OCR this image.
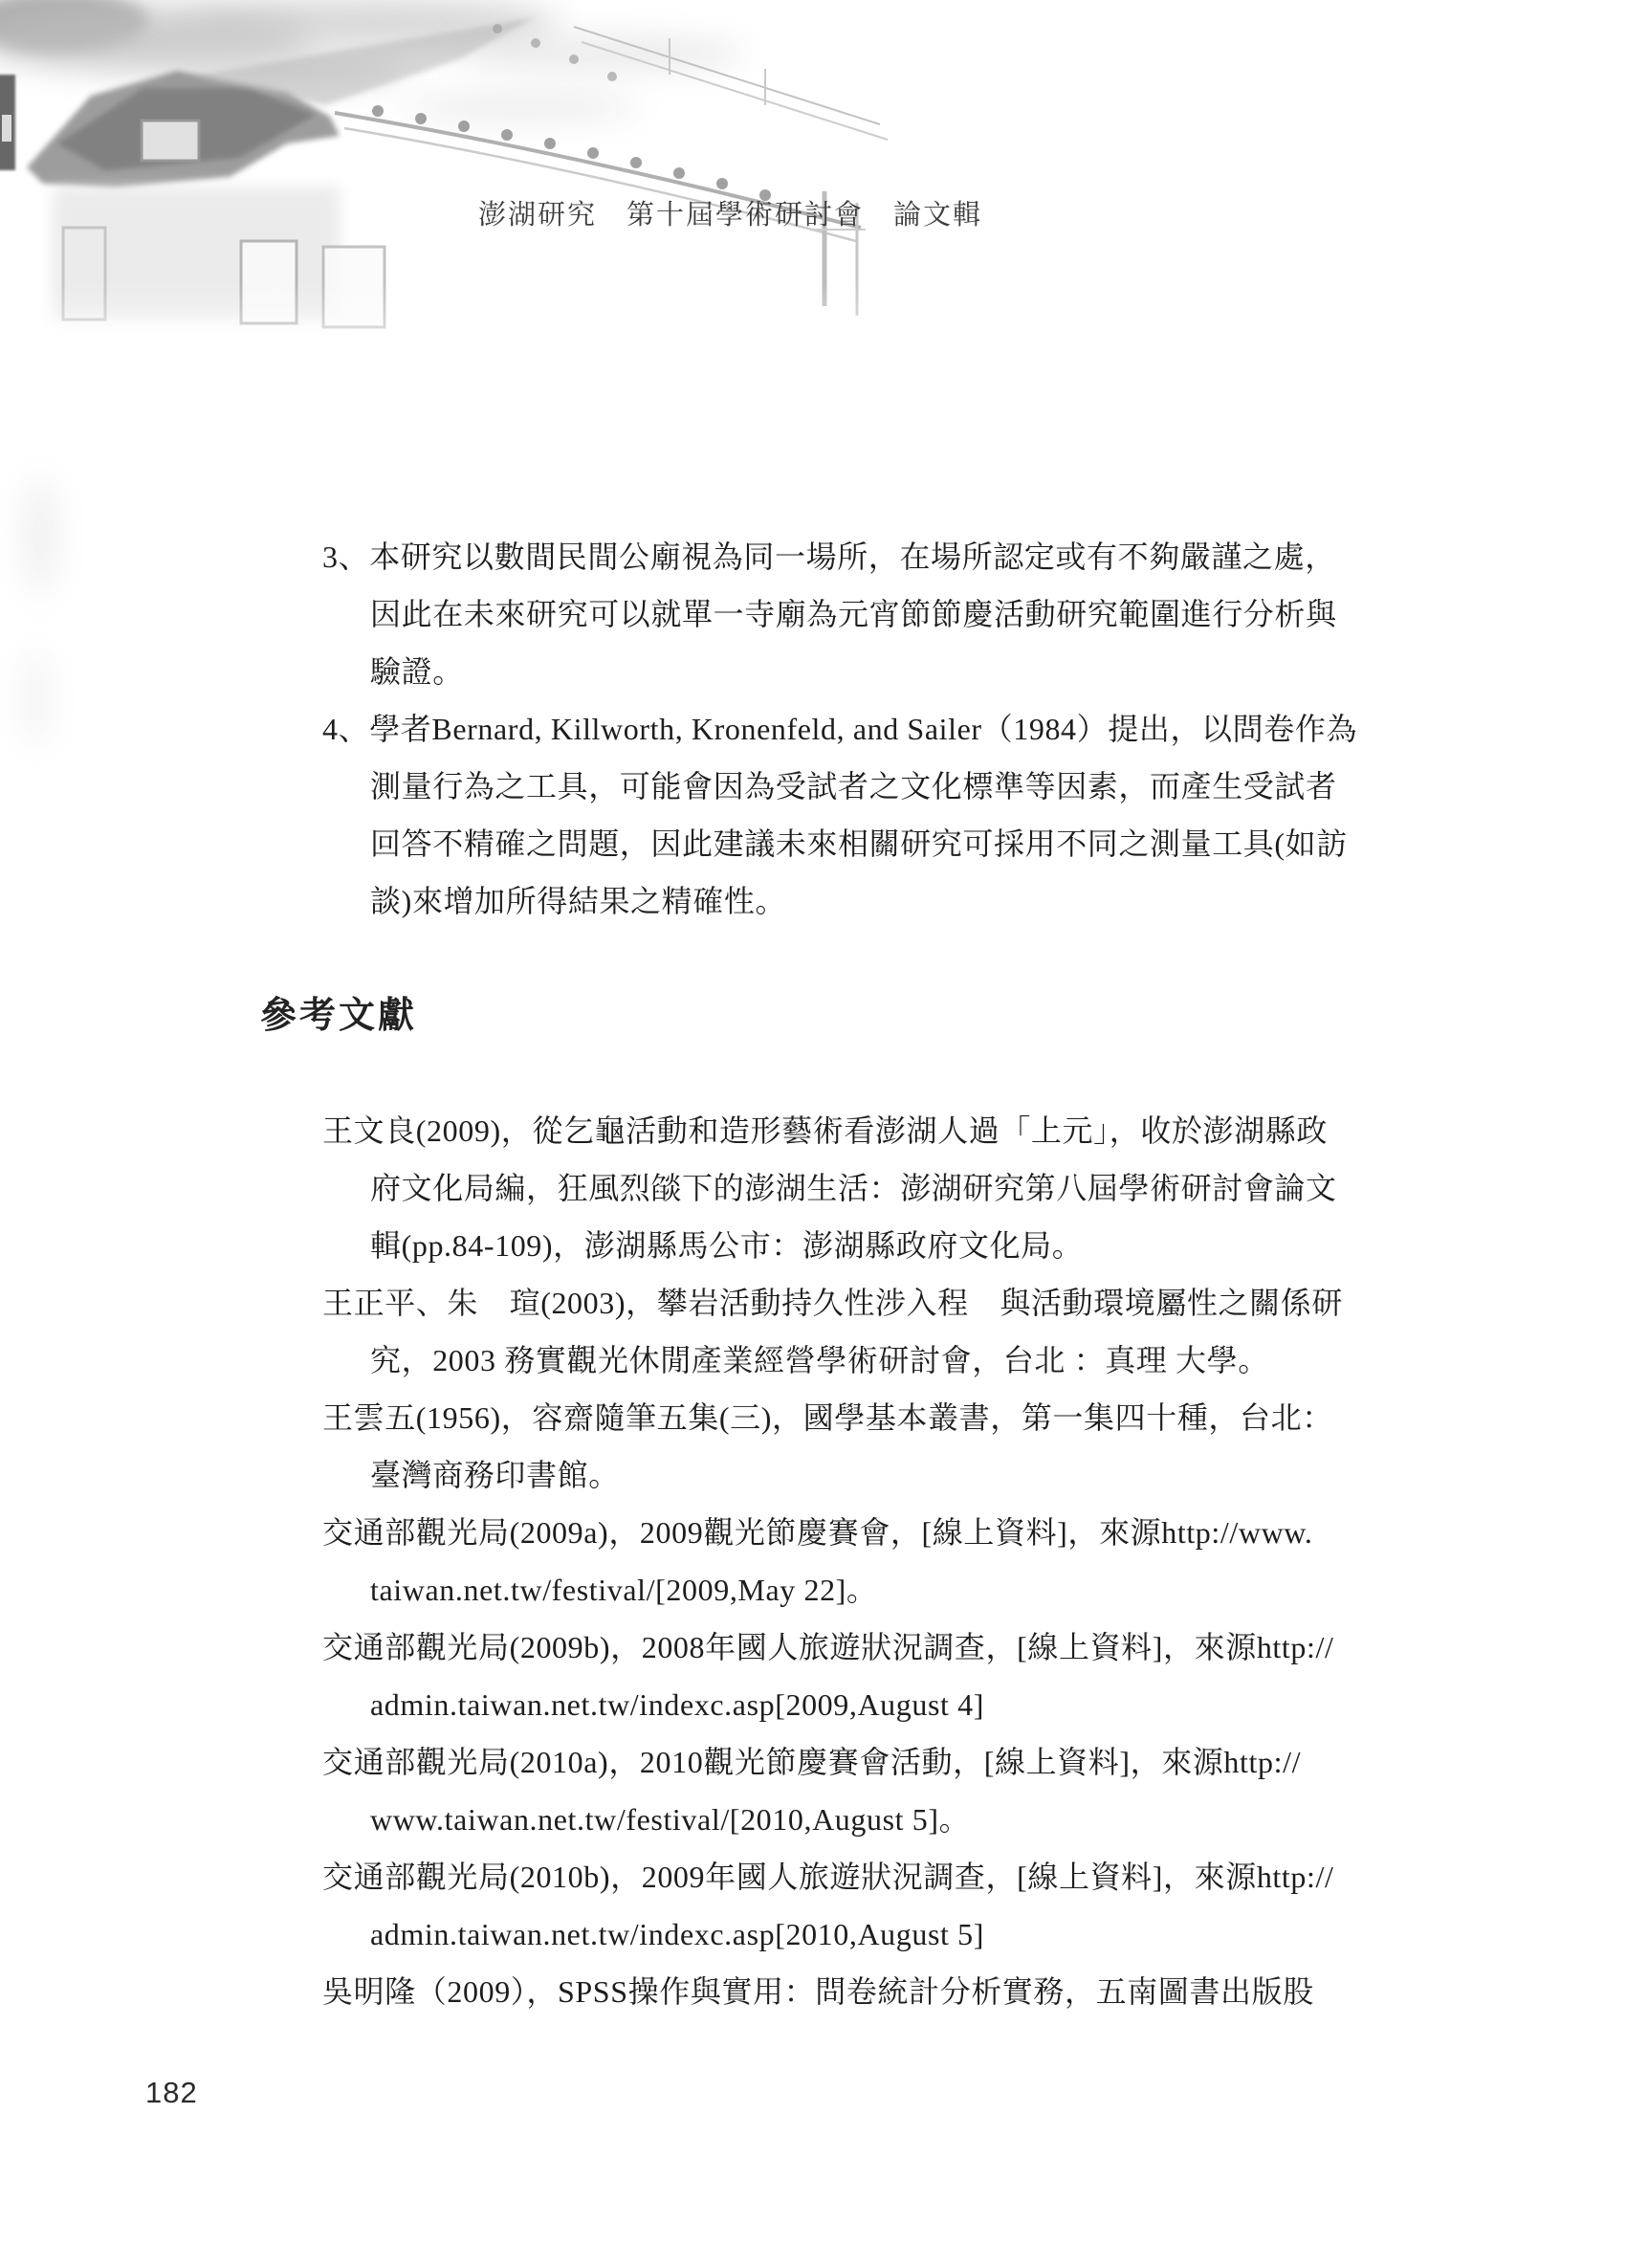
澎湖研究　第十屆學術研討會　論文輯
3、本研究以數間民間公廟視為同一場所，在場所認定或有不夠嚴謹之處，
因此在未來研究可以就單一寺廟為元宵節節慶活動研究範圍進行分析與
驗證。
4、學者Bernard, Killworth, Kronenfeld, and Sailer（1984）提出，以問卷作為
測量行為之工具，可能會因為受試者之文化標準等因素，而產生受試者
回答不精確之問題，因此建議未來相關研究可採用不同之測量工具(如訪
談)來增加所得結果之精確性。
參考文獻
王文良(2009)，從乞龜活動和造形藝術看澎湖人過「上元」，收於澎湖縣政
府文化局編，狂風烈燄下的澎湖生活：澎湖研究第八屆學術研討會論文
輯(pp.84-109)，澎湖縣馬公市：澎湖縣政府文化局。
王正平、朱　瑄(2003)，攀岩活動持久性涉入程　與活動環境屬性之關係研
究，2003 務實觀光休閒產業經營學術研討會，台北 ：真理 大學。
王雲五(1956)，容齋隨筆五集(三)，國學基本叢書，第一集四十種，台北：
臺灣商務印書館。
交通部觀光局(2009a)，2009觀光節慶賽會，[線上資料]，來源http://www.
taiwan.net.tw/festival/[2009,May 22]。
交通部觀光局(2009b)，2008年國人旅遊狀況調查，[線上資料]，來源http://
admin.taiwan.net.tw/indexc.asp[2009,August 4]
交通部觀光局(2010a)，2010觀光節慶賽會活動，[線上資料]，來源http://
www.taiwan.net.tw/festival/[2010,August 5]。
交通部觀光局(2010b)，2009年國人旅遊狀況調查，[線上資料]，來源http://
admin.taiwan.net.tw/indexc.asp[2010,August 5]
吳明隆（2009），SPSS操作與實用：問卷統計分析實務，五南圖書出版股
182
